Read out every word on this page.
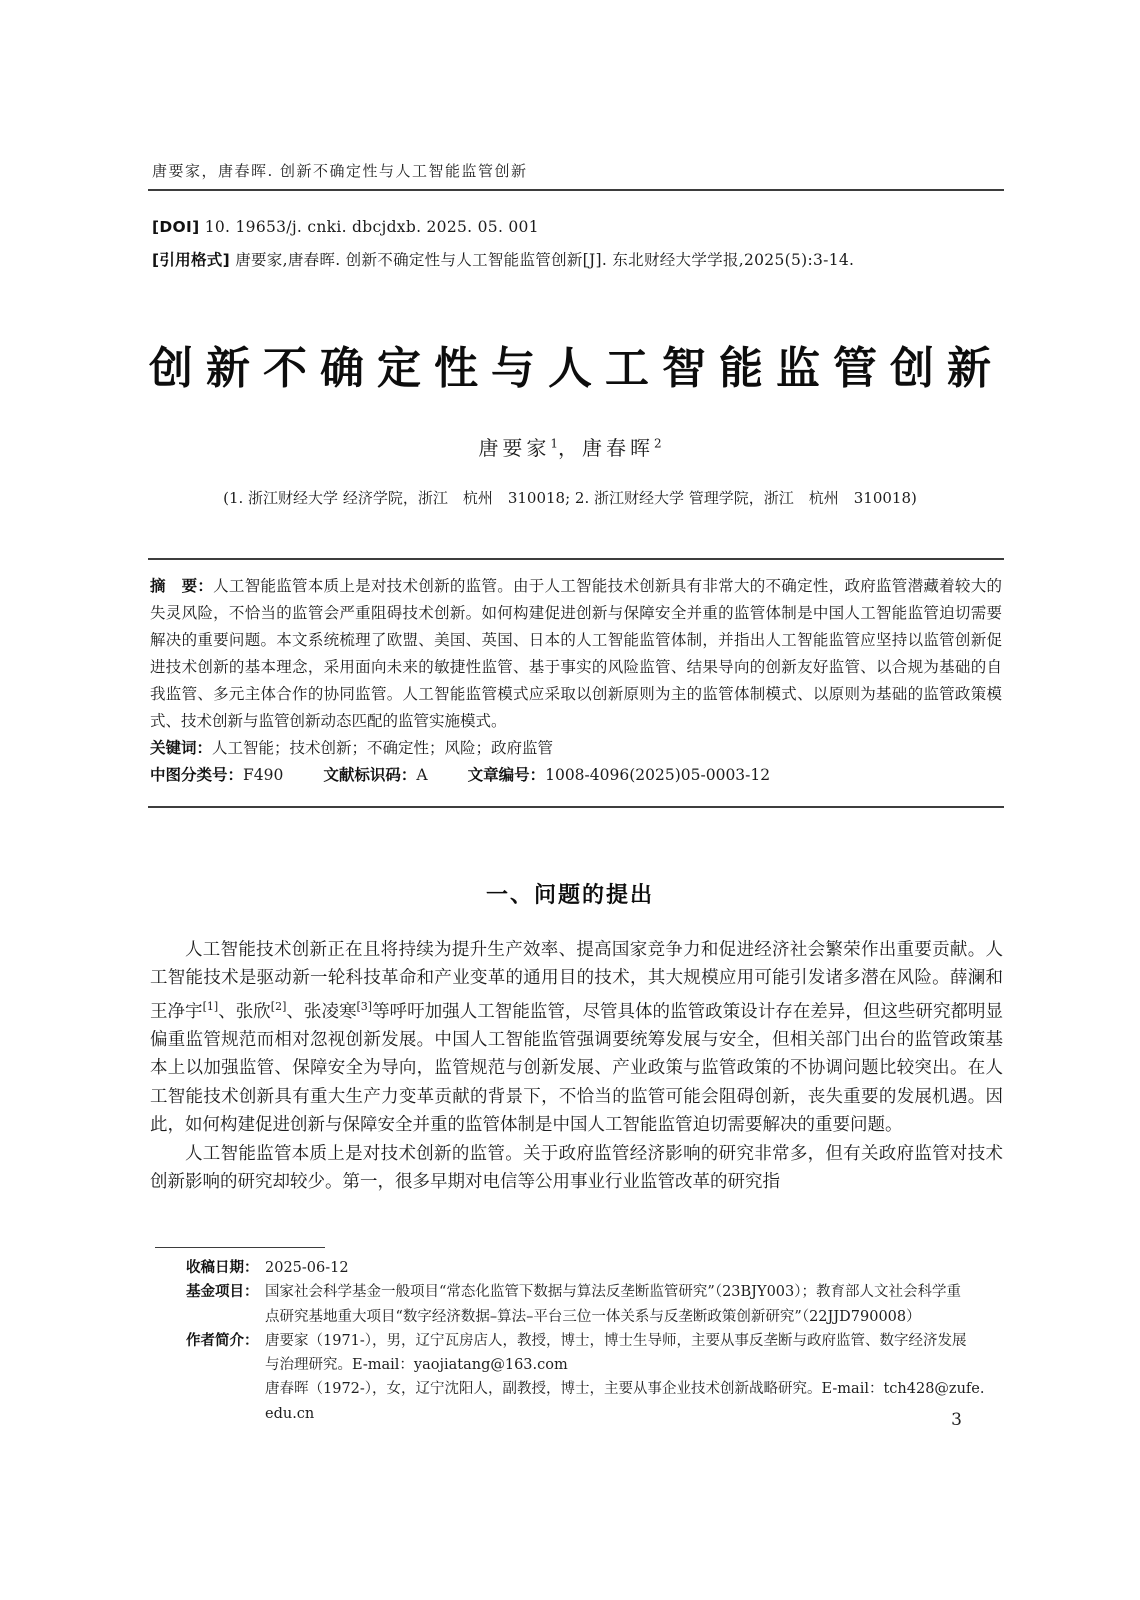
唐要家，唐春晖. 创新不确定性与人工智能监管创新
[DOI] 10. 19653/j. cnki. dbcjdxb. 2025. 05. 001
[引用格式] 唐要家,唐春晖. 创新不确定性与人工智能监管创新[J]. 东北财经大学学报,2025(5):3-14.
创新不确定性与人工智能监管创新
唐要家$^1$，唐春晖$^2$
(1. 浙江财经大学 经济学院，浙江　杭州　310018; 2. 浙江财经大学 管理学院，浙江　杭州　310018)

摘　要：人工智能监管本质上是对技术创新的监管。由于人工智能技术创新具有非常大的不确定性，政府监管潜藏着较大的失灵风险，不恰当的监管会严重阻碍技术创新。如何构建促进创新与保障安全并重的监管体制是中国人工智能监管迫切需要解决的重要问题。本文系统梳理了欧盟、美国、英国、日本的人工智能监管体制，并指出人工智能监管应坚持以监管创新促进技术创新的基本理念，采用面向未来的敏捷性监管、基于事实的风险监管、结果导向的创新友好监管、以合规为基础的自我监管、多元主体合作的协同监管。人工智能监管模式应采取以创新原则为主的监管体制模式、以原则为基础的监管政策模式、技术创新与监管创新动态匹配的监管实施模式。

关键词：人工智能；技术创新；不确定性；风险；政府监管

中图分类号：F490	文献标识码：A	文章编号：1008-4096(2025)05-0003-12

一、问题的提出

人工智能技术创新正在且将持续为提升生产效率、提高国家竞争力和促进经济社会繁荣作出重要贡献。人工智能技术是驱动新一轮科技革命和产业变革的通用目的技术，其大规模应用可能引发诸多潜在风险。薛澜和王净宇[1]、张欣[2]、张凌寒[3]等呼吁加强人工智能监管，尽管具体的监管政策设计存在差异，但这些研究都明显偏重监管规范而相对忽视创新发展。中国人工智能监管强调要统筹发展与安全，但相关部门出台的监管政策基本上以加强监管、保障安全为导向，监管规范与创新发展、产业政策与监管政策的不协调问题比较突出。在人工智能技术创新具有重大生产力变革贡献的背景下，不恰当的监管可能会阻碍创新，丧失重要的发展机遇。因此，如何构建促进创新与保障安全并重的监管体制是中国人工智能监管迫切需要解决的重要问题。

人工智能监管本质上是对技术创新的监管。关于政府监管经济影响的研究非常多，但有关政府监管对技术创新影响的研究却较少。第一，很多早期对电信等公用事业行业监管改革的研究指

收稿日期： 2025-06-12
基金项目： 国家社会科学基金一般项目“常态化监管下数据与算法反垄断监管研究”（23BJY003）；教育部人文社会科学重
点研究基地重大项目“数字经济数据–算法–平台三位一体关系与反垄断政策创新研究”（22JJD790008）
作者简介： 唐要家（1971-），男，辽宁瓦房店人，教授，博士，博士生导师，主要从事反垄断与政府监管、数字经济发展
与治理研究。E-mail：yaojiatang@163.com
唐春晖（1972-），女，辽宁沈阳人，副教授，博士，主要从事企业技术创新战略研究。E-mail：tch428@zufe.
edu.cn	3
